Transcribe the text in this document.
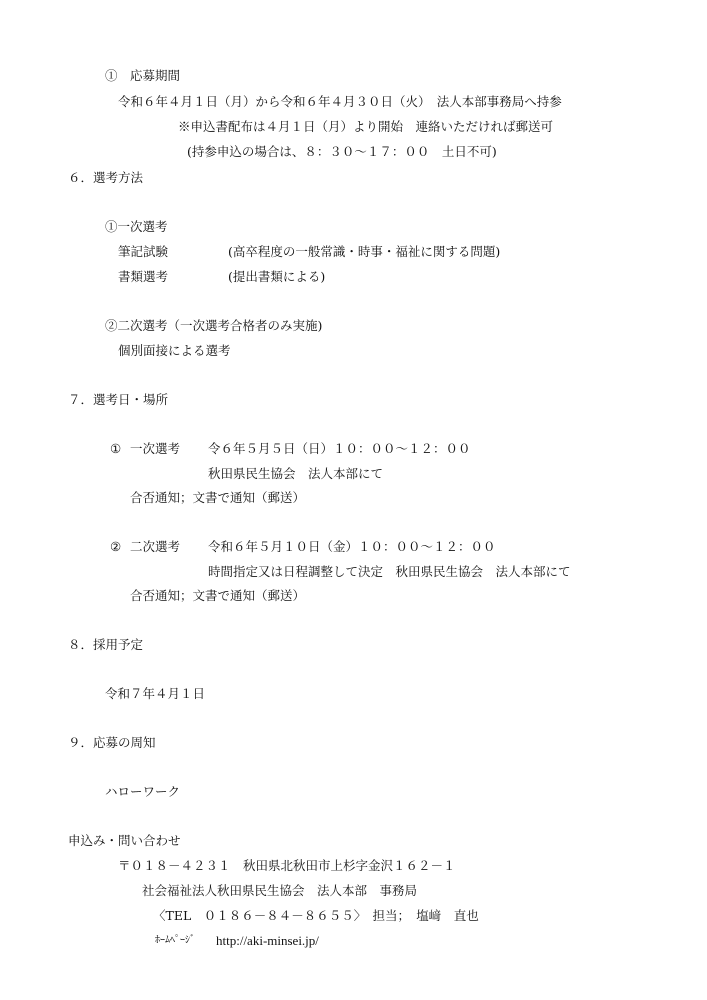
①　応募期間
令和６年４月１日（月）から令和６年４月３０日（火）　法人本部事務局へ持参
※申込書配布は４月１日（月）より開始　連絡いただければ郵送可
(持参申込の場合は、８：３０～１７：００　土日不可)
６．選考方法
①一次選考
筆記試験	(高卒程度の一般常識・時事・福祉に関する問題)
書類選考	(提出書類による)
②二次選考（一次選考合格者のみ実施)
個別面接による選考
７．選考日・場所
① 一次選考 令６年５月５日（日）１０：００～１２：００
秋田県民生協会　法人本部にて
合否通知；文書で通知（郵送）
② 二次選考 令和６年５月１０日（金）１０：００～１２：００
時間指定又は日程調整して決定　秋田県民生協会　法人本部にて
合否通知；文書で通知（郵送）
８．採用予定
令和７年４月１日
９．応募の周知
ハローワーク
申込み・問い合わせ
〒０１８－４２３１　秋田県北秋田市上杉字金沢１６２－１
社会福祉法人秋田県民生協会　法人本部　事務局
〈TEL　０１８６－８４－８６５５〉　担当；　塩﨑　直也
ﾎｰﾑﾍﾟｰｼﾞ http://aki-minsei.jp/
